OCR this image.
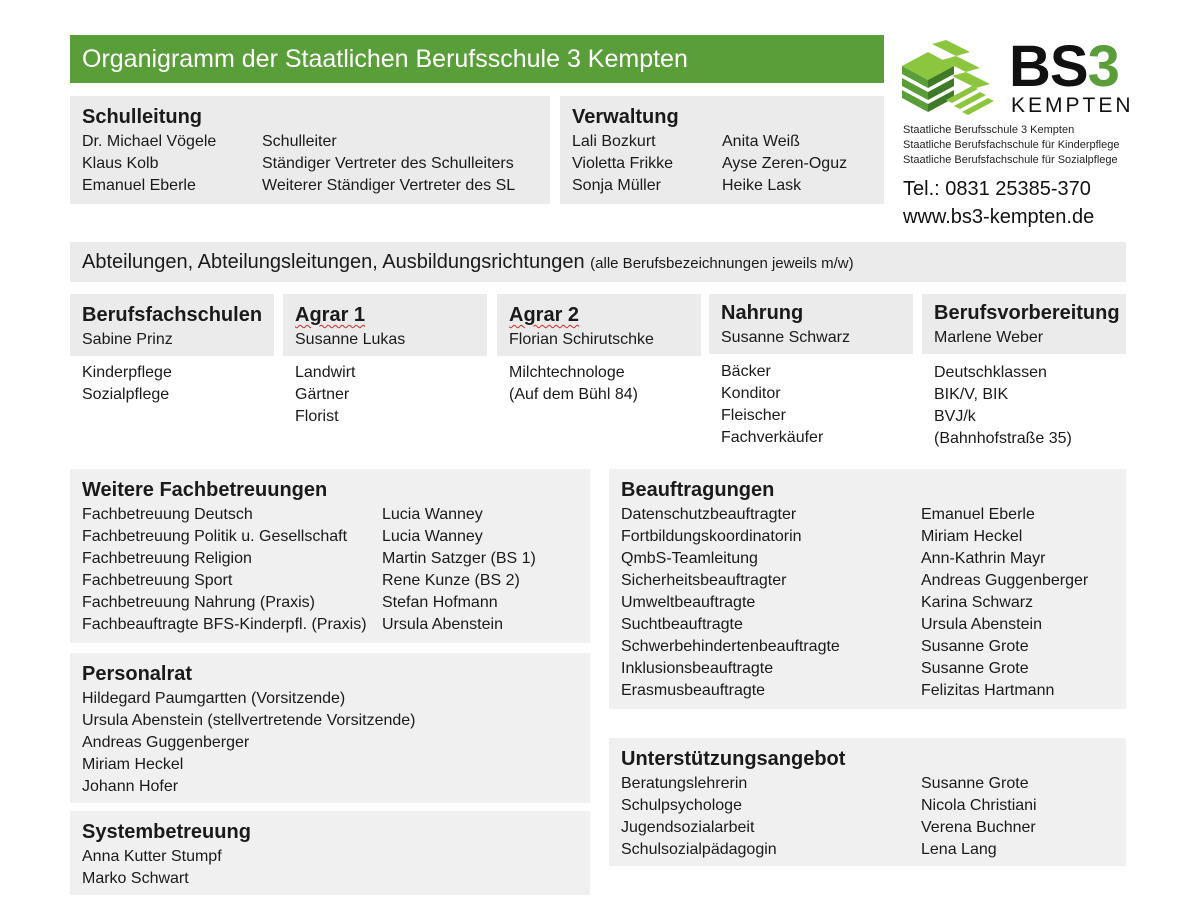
Organigramm der Staatlichen Berufsschule 3 Kempten	BS3
KEMPTEN
Staatliche Berufsschule 3 Kempten
Staatliche Berufsfachschule für Kinderpflege
Staatliche Berufsfachschule für Sozialpflege
Tel.: 0831 25385-370
www.bs3-kempten.de
Schulleitung
Dr. Michael Vögele	Schulleiter
Klaus Kolb	Ständiger Vertreter des Schulleiters
Emanuel Eberle	Weiterer Ständiger Vertreter des SL
Verwaltung
Lali Bozkurt	Anita Weiß
Violetta Frikke	Ayse Zeren-Oguz
Sonja Müller	Heike Lask
Abteilungen, Abteilungsleitungen, Ausbildungsrichtungen (alle Berufsbezeichnungen jeweils m/w)
Berufsfachschulen
Sabine Prinz
Kinderpflege
Sozialpflege
Agrar 1
Susanne Lukas
Landwirt
Gärtner
Florist
Agrar 2
Florian Schirutschke
Milchtechnologe
(Auf dem Bühl 84)
Nahrung
Susanne Schwarz
Bäcker
Konditor
Fleischer
Fachverkäufer
Berufsvorbereitung
Marlene Weber
Deutschklassen
BIK/V, BIK
BVJ/k
(Bahnhofstraße 35)
Weitere Fachbetreuungen
Fachbetreuung Deutsch	Lucia Wanney
Fachbetreuung Politik u. Gesellschaft Lucia Wanney
Fachbetreuung Religion	Martin Satzger (BS 1)
Fachbetreuung Sport	Rene Kunze (BS 2)
Fachbetreuung Nahrung (Praxis)	Stefan Hofmann
Fachbeauftragte BFS-Kinderpfl. (Praxis) Ursula Abenstein
Personalrat
Hildegard Paumgartten (Vorsitzende)
Ursula Abenstein (stellvertretende Vorsitzende)
Andreas Guggenberger
Miriam Heckel
Johann Hofer
Systembetreuung
Anna Kutter Stumpf
Marko Schwart
Beauftragungen
Datenschutzbeauftragter	Emanuel Eberle
Fortbildungskoordinatorin	Miriam Heckel
QmbS-Teamleitung	Ann-Kathrin Mayr
Sicherheitsbeauftragter	Andreas Guggenberger
Umweltbeauftragte	Karina Schwarz
Suchtbeauftragte	Ursula Abenstein
Schwerbehindertenbeauftragte	Susanne Grote
Inklusionsbeauftragte	Susanne Grote
Erasmusbeauftragte	Felizitas Hartmann
Unterstützungsangebot
Beratungslehrerin	Susanne Grote
Schulpsychologe	Nicola Christiani
Jugendsozialarbeit	Verena Buchner
Schulsozialpädagogin	Lena Lang
